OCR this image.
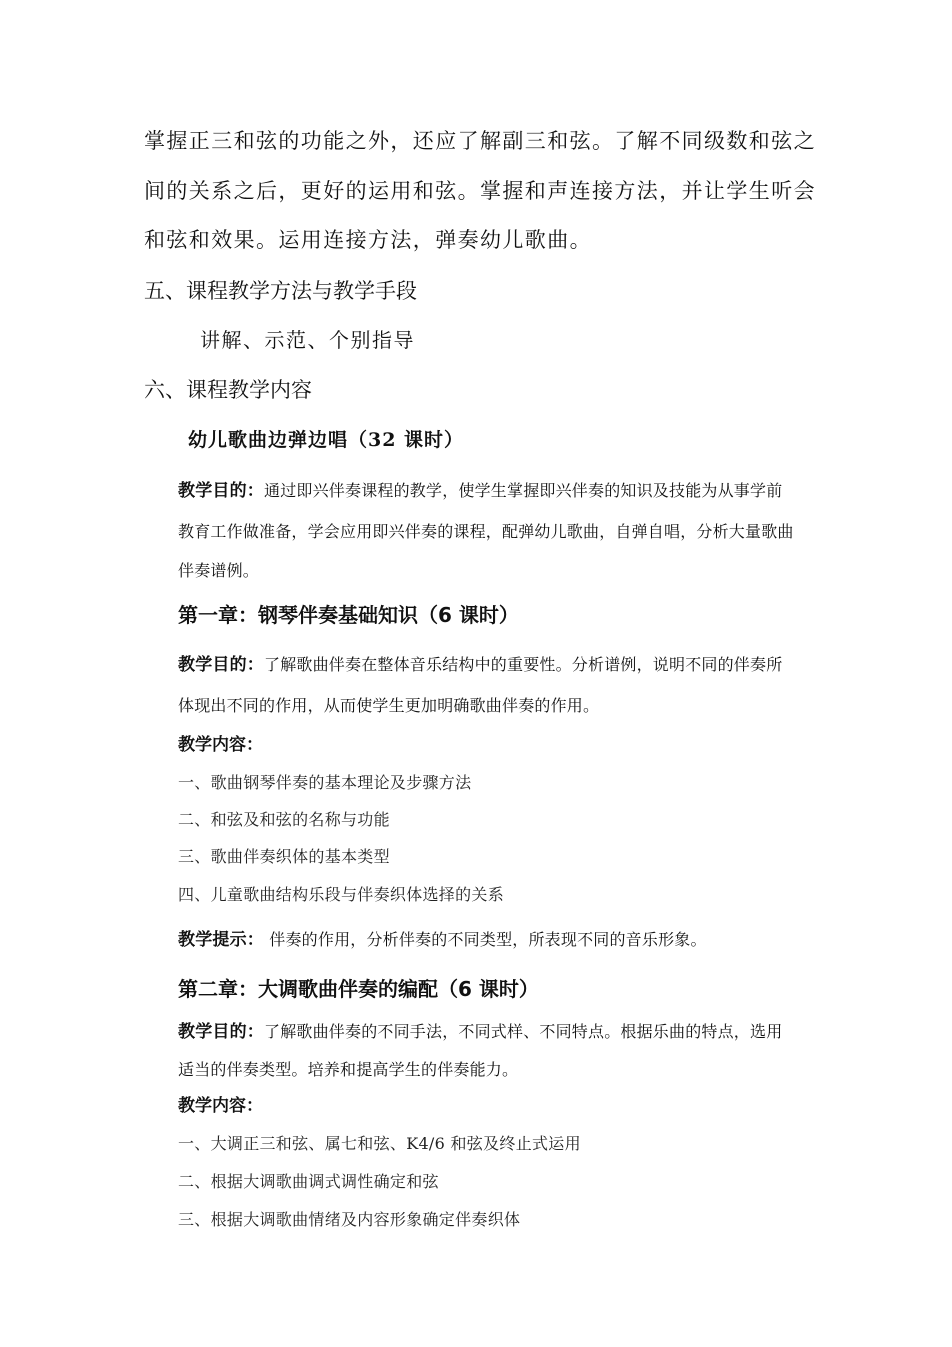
掌握正三和弦的功能之外，还应了解副三和弦。了解不同级数和弦之
间的关系之后，更好的运用和弦。掌握和声连接方法，并让学生听会
和弦和效果。运用连接方法，弹奏幼儿歌曲。
五、课程教学方法与教学手段
讲解、示范、个别指导
六、课程教学内容
幼儿歌曲边弹边唱（32 课时）
教学目的：通过即兴伴奏课程的教学，使学生掌握即兴伴奏的知识及技能为从事学前
教育工作做准备，学会应用即兴伴奏的课程，配弹幼儿歌曲，自弹自唱，分析大量歌曲
伴奏谱例。
第一章：钢琴伴奏基础知识（6 课时）
教学目的：了解歌曲伴奏在整体音乐结构中的重要性。分析谱例，说明不同的伴奏所
体现出不同的作用，从而使学生更加明确歌曲伴奏的作用。
教学内容：
一、歌曲钢琴伴奏的基本理论及步骤方法
二、和弦及和弦的名称与功能
三、歌曲伴奏织体的基本类型
四、儿童歌曲结构乐段与伴奏织体选择的关系
教学提示： 伴奏的作用，分析伴奏的不同类型，所表现不同的音乐形象。
第二章：大调歌曲伴奏的编配（6 课时）
教学目的：了解歌曲伴奏的不同手法，不同式样、不同特点。根据乐曲的特点，选用
适当的伴奏类型。培养和提高学生的伴奏能力。
教学内容：
一、大调正三和弦、属七和弦、K4/6 和弦及终止式运用
二、根据大调歌曲调式调性确定和弦
三、根据大调歌曲情绪及内容形象确定伴奏织体
